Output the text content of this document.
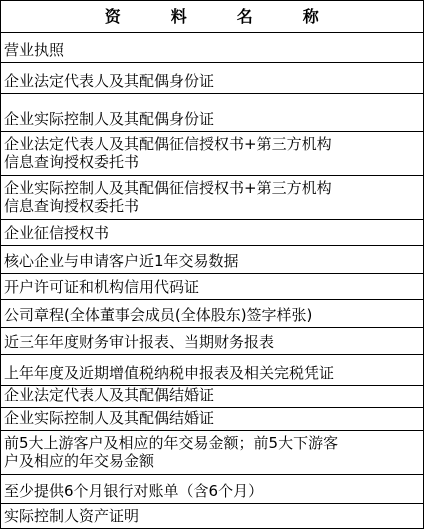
资　　　料　　　名　　　称
营业执照
企业法定代表人及其配偶身份证
企业实际控制人及其配偶身份证
企业法定代表人及其配偶征信授权书+第三方机构
信息查询授权委托书
企业实际控制人及其配偶征信授权书+第三方机构
信息查询授权委托书
企业征信授权书
核心企业与申请客户近1年交易数据
开户许可证和机构信用代码证
公司章程(全体董事会成员(全体股东)签字样张)
近三年年度财务审计报表、当期财务报表
上年年度及近期增值税纳税申报表及相关完税凭证
企业法定代表人及其配偶结婚证
企业实际控制人及其配偶结婚证
前5大上游客户及相应的年交易金额；前5大下游客
户及相应的年交易金额
至少提供6个月银行对账单（含6个月）
实际控制人资产证明
